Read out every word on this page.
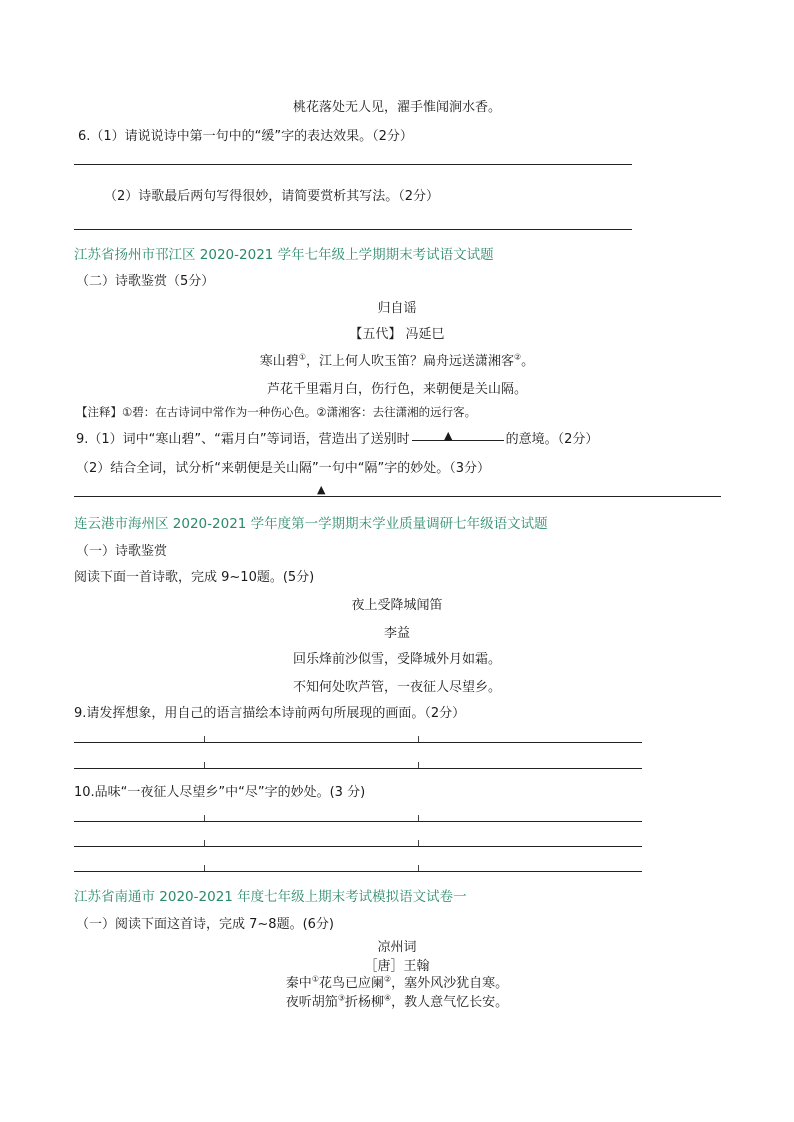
桃花落处无人见，濯手惟闻涧水香。
6.（1）请说说诗中第一句中的“缓”字的表达效果。（2分）
（2）诗歌最后两句写得很妙，请简要赏析其写法。（2分）
江苏省扬州市邗江区 2020-2021 学年七年级上学期期末考试语文试题
（二）诗歌鉴赏（5分）
归自谣
【五代】 冯延巳
寒山碧①，江上何人吹玉笛？扁舟远送潇湘客②。
芦花千里霜月白，伤行色，来朝便是关山隔。
【注释】①碧：在古诗词中常作为一种伤心色。②潇湘客：去往潇湘的远行客。
9.（1）词中“寒山碧”、“霜月白”等词语，营造出了送别时	的意境。（2分）
▲
（2）结合全词，试分析“来朝便是关山隔”一句中“隔”字的妙处。（3分）
▲
连云港市海州区 2020-2021 学年度第一学期期末学业质量调研七年级语文试题
（一）诗歌鉴赏
阅读下面一首诗歌，完成 9~10题。(5分)
夜上受降城闻笛
李益
回乐烽前沙似雪，受降城外月如霜。
不知何处吹芦管，一夜征人尽望乡。
9.请发挥想象，用自己的语言描绘本诗前两句所展现的画面。（2分）
10.品味“一夜征人尽望乡”中“尽”字的妙处。(3 分)
江苏省南通市 2020-2021 年度七年级上期末考试模拟语文试卷一
（一）阅读下面这首诗，完成 7~8题。(6分)
凉州词
［唐］王翰
秦中①花鸟已应阑②，塞外风沙犹自寒。
夜听胡笳③折杨柳④，教人意气忆长安。
